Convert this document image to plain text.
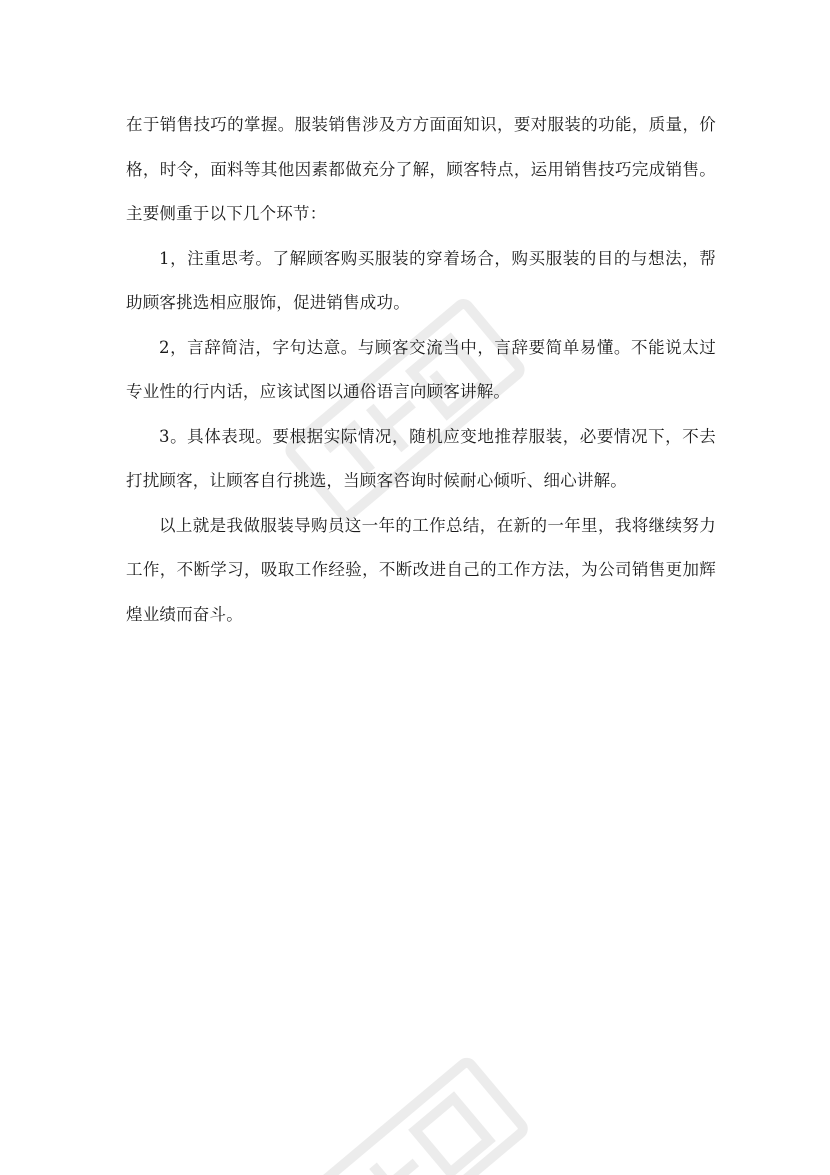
在于销售技巧的掌握。服装销售涉及方方面面知识，要对服装的功能，质量，价格，时令，面料等其他因素都做充分了解，顾客特点，运用销售技巧完成销售。主要侧重于以下几个环节：

1，注重思考。了解顾客购买服装的穿着场合，购买服装的目的与想法，帮助顾客挑选相应服饰，促进销售成功。

2，言辞简洁，字句达意。与顾客交流当中，言辞要简单易懂。不能说太过专业性的行内话，应该试图以通俗语言向顾客讲解。

3。具体表现。要根据实际情况，随机应变地推荐服装，必要情况下，不去打扰顾客，让顾客自行挑选，当顾客咨询时候耐心倾听、细心讲解。

以上就是我做服装导购员这一年的工作总结，在新的一年里，我将继续努力工作，不断学习，吸取工作经验，不断改进自己的工作方法，为公司销售更加辉煌业绩而奋斗。
